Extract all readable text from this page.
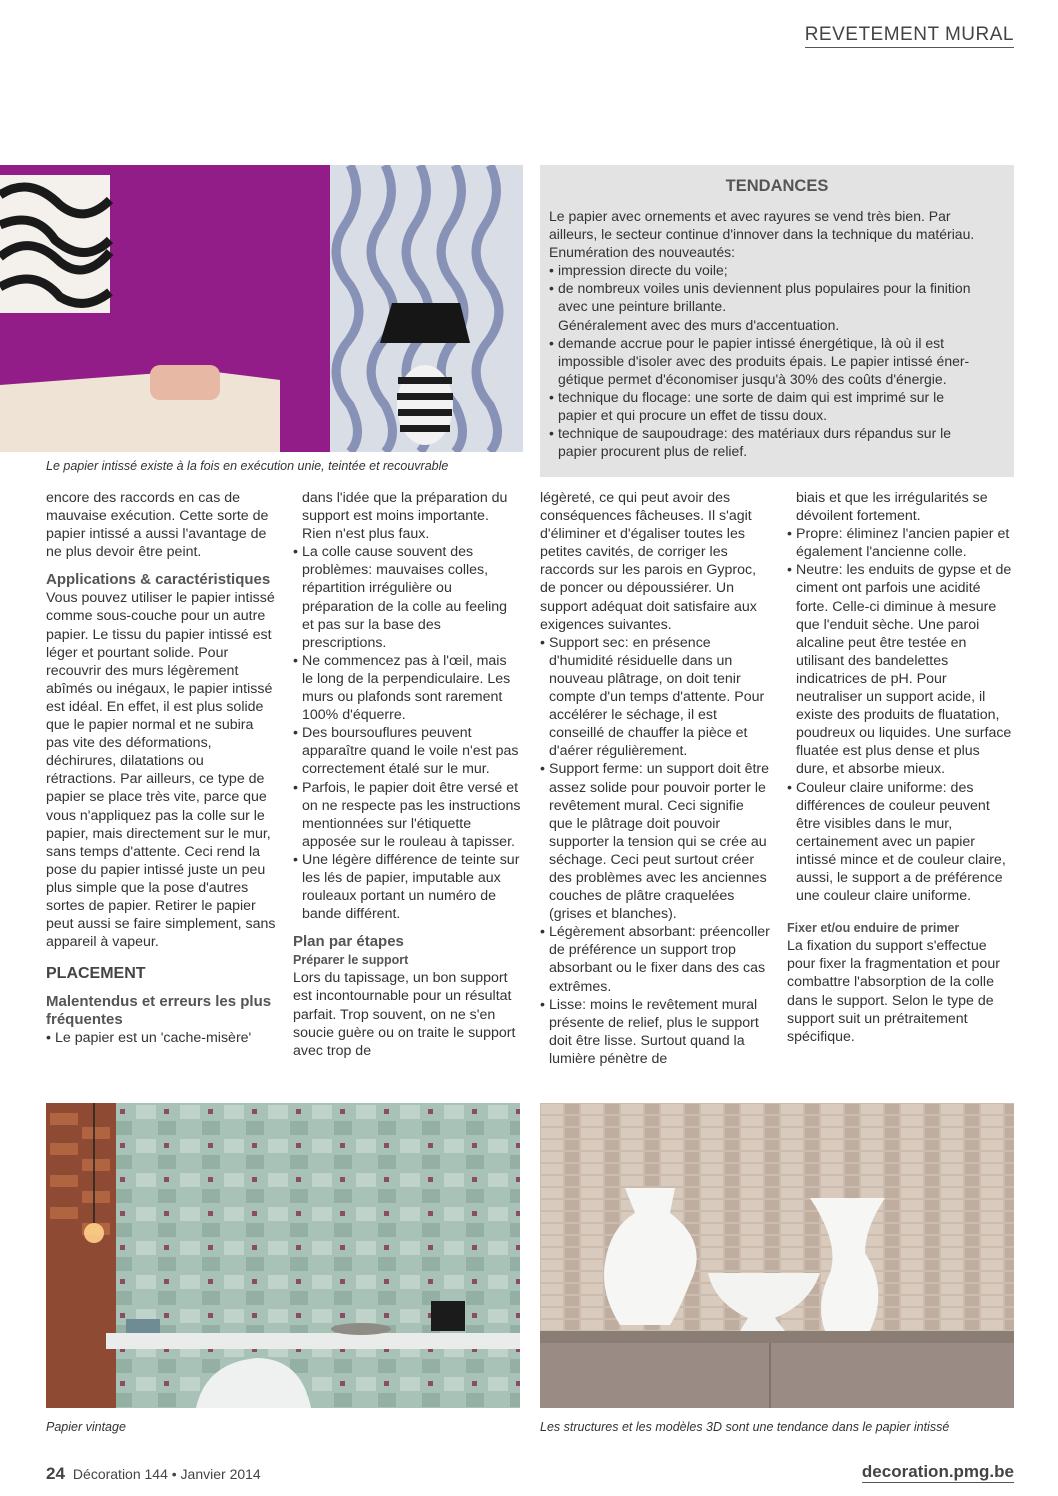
REVETEMENT MURAL
Le papier intissé existe à la fois en exécution unie, teintée et recouvrable
TENDANCES
Le papier avec ornements et avec rayures se vend très bien. Par
ailleurs, le secteur continue d'innover dans la technique du matériau.
Enumération des nouveautés:
• impression directe du voile;
• de nombreux voiles unis deviennent plus populaires pour la finition
avec une peinture brillante.
Généralement avec des murs d'accentuation.
• demande accrue pour le papier intissé énergétique, là où il est
impossible d'isoler avec des produits épais. Le papier intissé éner-
gétique permet d'économiser jusqu'à 30% des coûts d'énergie.
• technique du flocage: une sorte de daim qui est imprimé sur le
papier et qui procure un effet de tissu doux.
• technique de saupoudrage: des matériaux durs répandus sur le
papier procurent plus de relief.

encore des raccords en cas de mauvaise exécution. Cette sorte de papier intissé a aussi l'avantage de ne plus devoir être peint.

Applications & caractéristiques

Vous pouvez utiliser le papier intissé comme sous-couche pour un autre papier. Le tissu du papier intissé est léger et pourtant solide. Pour recouvrir des murs légèrement abîmés ou inégaux, le papier intissé est idéal. En effet, il est plus solide que le papier normal et ne subira pas vite des déformations, déchirures, dilatations ou rétractions. Par ailleurs, ce type de papier se place très vite, parce que vous n'appliquez pas la colle sur le papier, mais directement sur le mur, sans temps d'attente. Ceci rend la pose du papier intissé juste un peu plus simple que la pose d'autres sortes de papier. Retirer le papier peut aussi se faire simplement, sans appareil à vapeur.

PLACEMENT

Malentendus et erreurs les plus fréquentes

• Le papier est un 'cache-misère'

dans l'idée que la préparation du support est moins importante. Rien n'est plus faux.

• La colle cause souvent des problèmes: mauvaises colles, répartition irrégulière ou préparation de la colle au feeling et pas sur la base des prescriptions.
• Ne commencez pas à l'œil, mais le long de la perpendiculaire. Les murs ou plafonds sont rarement 100% d'équerre.
• Des boursouflures peuvent apparaître quand le voile n'est pas correctement étalé sur le mur.
• Parfois, le papier doit être versé et on ne respecte pas les instructions mentionnées sur l'étiquette apposée sur le rouleau à tapisser.
• Une légère différence de teinte sur les lés de papier, imputable aux rouleaux portant un numéro de bande différent.

Plan par étapes

Préparer le support

Lors du tapissage, un bon support est incontournable pour un résultat parfait. Trop souvent, on ne s'en soucie guère ou on traite le support avec trop de

légèreté, ce qui peut avoir des conséquences fâcheuses. Il s'agit d'éliminer et d'égaliser toutes les petites cavités, de corriger les raccords sur les parois en Gyproc, de poncer ou dépoussiérer. Un support adéquat doit satisfaire aux exigences suivantes.

• Support sec: en présence d'humidité résiduelle dans un nouveau plâtrage, on doit tenir compte d'un temps d'attente. Pour accélérer le séchage, il est conseillé de chauffer la pièce et d'aérer régulièrement.
• Support ferme: un support doit être assez solide pour pouvoir porter le revêtement mural. Ceci signifie que le plâtrage doit pouvoir supporter la tension qui se crée au séchage. Ceci peut surtout créer des problèmes avec les anciennes couches de plâtre craquelées (grises et blanches).
• Légèrement absorbant: préencoller de préférence un support trop absorbant ou le fixer dans des cas extrêmes.
• Lisse: moins le revêtement mural présente de relief, plus le support doit être lisse. Surtout quand la lumière pénètre de

biais et que les irrégularités se dévoilent fortement.

• Propre: éliminez l'ancien papier et également l'ancienne colle.
• Neutre: les enduits de gypse et de ciment ont parfois une acidité forte. Celle-ci diminue à mesure que l'enduit sèche. Une paroi alcaline peut être testée en utilisant des bandelettes indicatrices de pH. Pour neutraliser un support acide, il existe des produits de fluatation, poudreux ou liquides. Une surface fluatée est plus dense et plus dure, et absorbe mieux.
• Couleur claire uniforme: des différences de couleur peuvent être visibles dans le mur, certainement avec un papier intissé mince et de couleur claire, aussi, le support a de préférence une couleur claire uniforme.

Fixer et/ou enduire de primer

La fixation du support s'effectue pour fixer la fragmentation et pour combattre l'absorption de la colle dans le support. Selon le type de support suit un prétraitement spécifique.

Papier vintage	Les structures et les modèles 3D sont une tendance dans le papier intissé
24 Décoration 144 • Janvier 2014	decoration.pmg.be
